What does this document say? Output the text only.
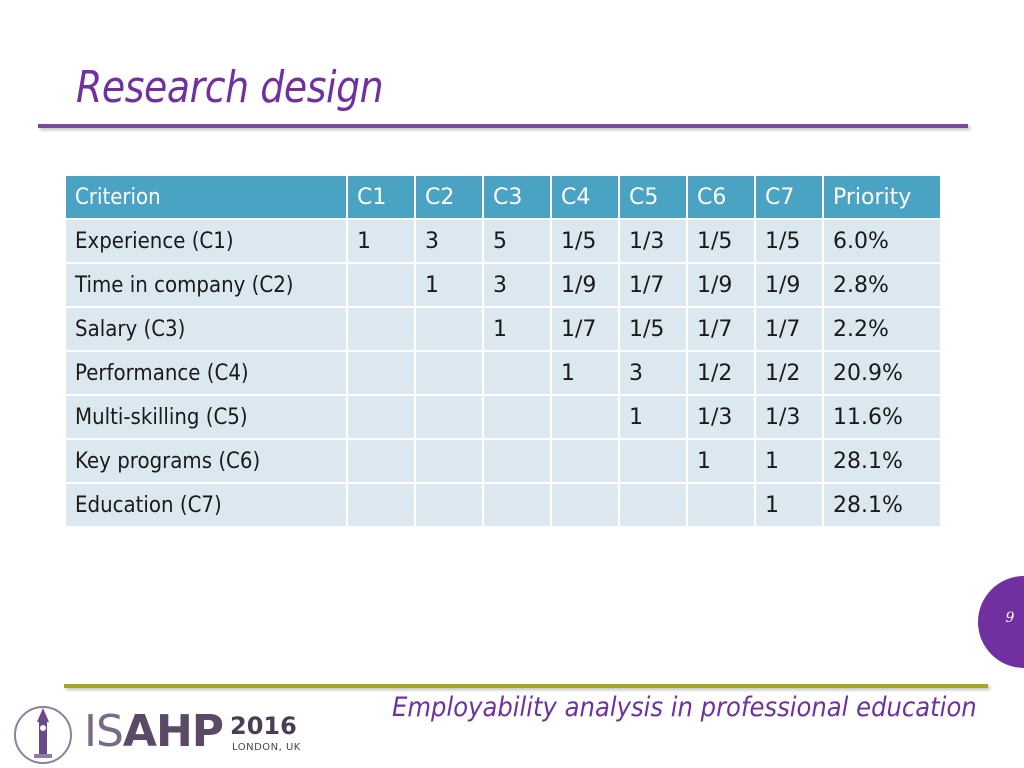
Research design
Criterion	C1	C2	C3	C4	C5	C6	C7	Priority
Experience (C1)	1	3	5	1/5	1/3	1/5	1/5	6.0%
Time in company (C2)		1	3	1/9	1/7	1/9	1/9	2.8%
Salary (C3)			1	1/7	1/5	1/7	1/7	2.2%
Performance (C4)				1	3	1/2	1/2	20.9%
Multi-skilling (C5)					1	1/3	1/3	11.6%
Key programs (C6)						1	1	28.1%
Education (C7)							1	28.1%
9
Employability analysis in professional education
ISAHP 2016
LONDON, UK
